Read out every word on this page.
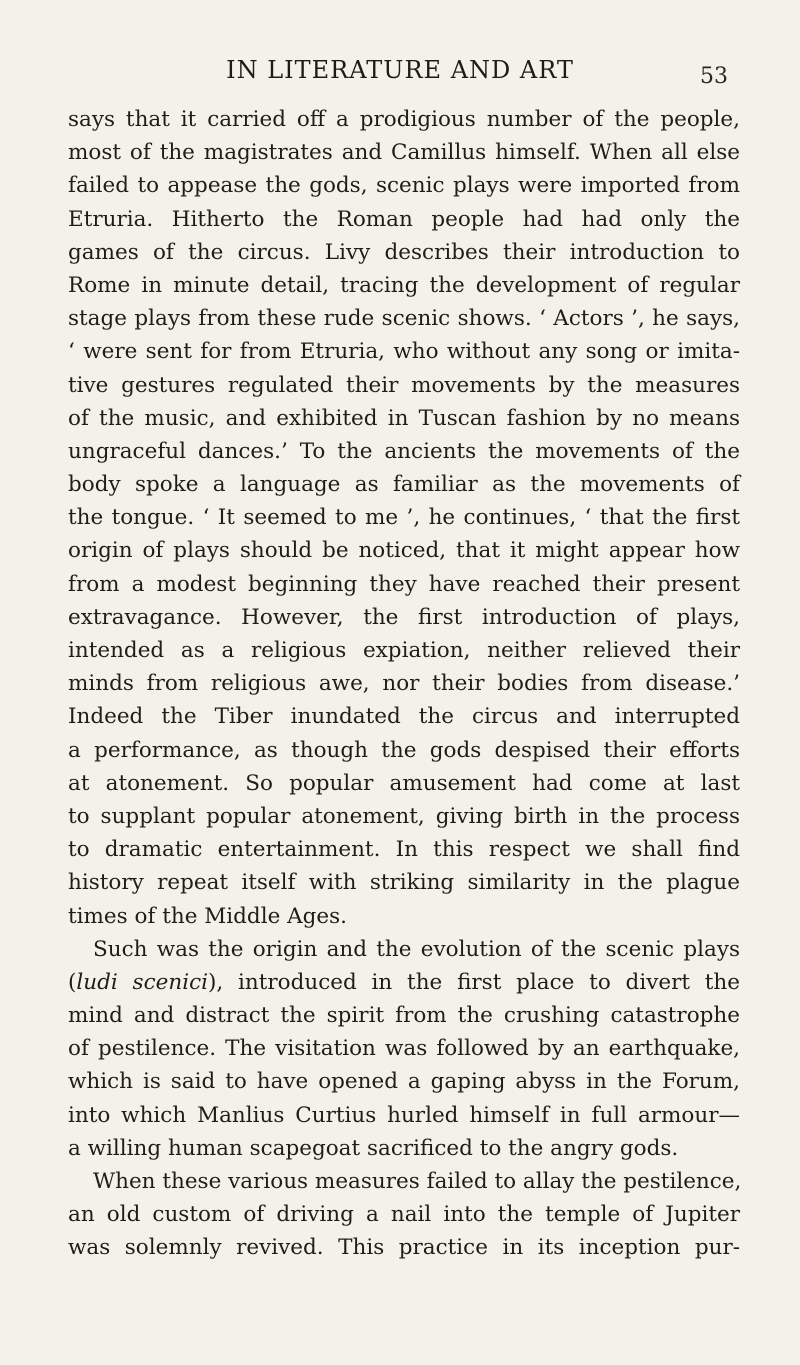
IN LITERATURE AND ART	53
says that it carried off a prodigious number of the people,
most of the magistrates and Camillus himself. When all else
failed to appease the gods, scenic plays were imported from
Etruria. Hitherto the Roman people had had only the
games of the circus. Livy describes their introduction to
Rome in minute detail, tracing the development of regular
stage plays from these rude scenic shows. ‘ Actors ’, he says,
‘ were sent for from Etruria, who without any song or imita-
tive gestures regulated their movements by the measures
of the music, and exhibited in Tuscan fashion by no means
ungraceful dances.’ To the ancients the movements of the
body spoke a language as familiar as the movements of
the tongue. ‘ It seemed to me ’, he continues, ‘ that the first
origin of plays should be noticed, that it might appear how
from a modest beginning they have reached their present
extravagance. However, the first introduction of plays,
intended as a religious expiation, neither relieved their
minds from religious awe, nor their bodies from disease.’
Indeed the Tiber inundated the circus and interrupted
a performance, as though the gods despised their efforts
at atonement. So popular amusement had come at last
to supplant popular atonement, giving birth in the process
to dramatic entertainment. In this respect we shall find
history repeat itself with striking similarity in the plague
times of the Middle Ages.
Such was the origin and the evolution of the scenic plays
(ludi scenici), introduced in the first place to divert the
mind and distract the spirit from the crushing catastrophe
of pestilence. The visitation was followed by an earthquake,
which is said to have opened a gaping abyss in the Forum,
into which Manlius Curtius hurled himself in full armour—
a willing human scapegoat sacrificed to the angry gods.
When these various measures failed to allay the pestilence,
an old custom of driving a nail into the temple of Jupiter
was solemnly revived. This practice in its inception pur-
